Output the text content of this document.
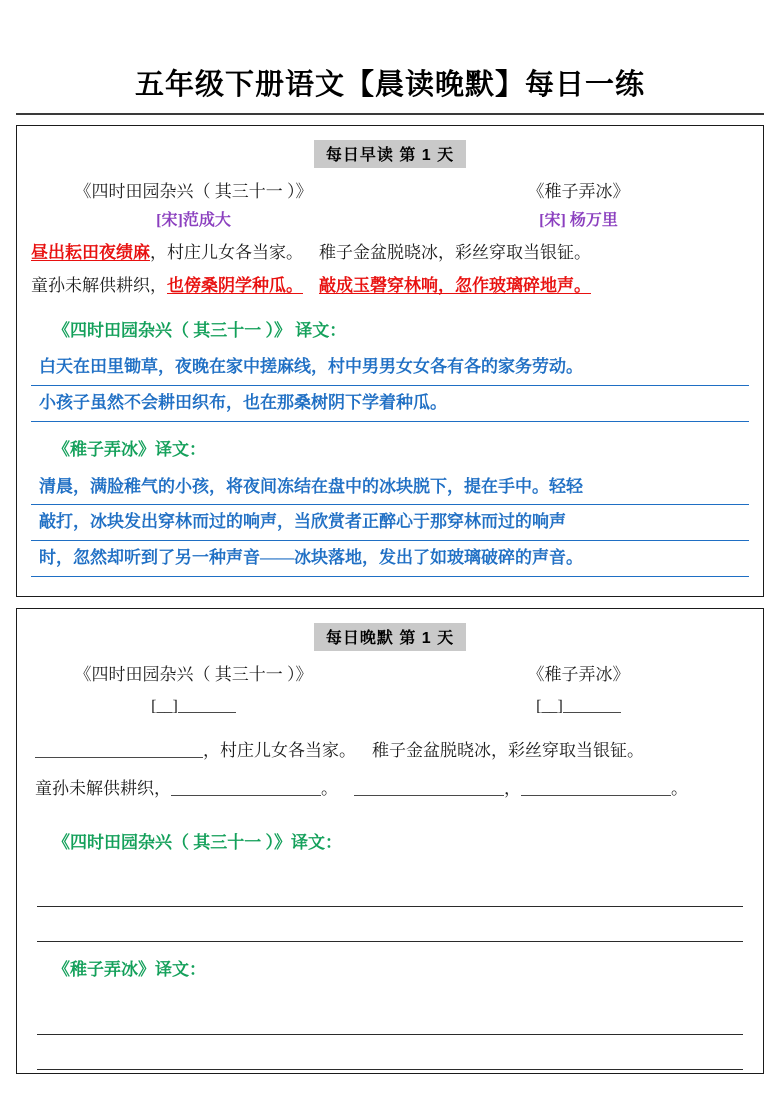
五年级下册语文【晨读晚默】每日一练
每日早读 第 1 天
《四时田园杂兴（ 其三十一 ）》
[宋]范成大
《稚子弄冰》
[宋] 杨万里
昼出耘田夜绩麻，村庄儿女各当家。 稚子金盆脱晓冰，彩丝穿取当银钲。
童孙未解供耕织，也傍桑阴学种瓜。 敲成玉磬穿林响，忽作玻璃碎地声。
《四时田园杂兴（ 其三十一 ）》 译文：
白天在田里锄草，夜晚在家中搓麻线，村中男男女女各有各的家务劳动。
小孩子虽然不会耕田织布，也在那桑树阴下学着种瓜。
《稚子弄冰》译文：
清晨，满脸稚气的小孩，将夜间冻结在盘中的冰块脱下，提在手中。轻轻
敲打，冰块发出穿林而过的响声，当欣赏者正醉心于那穿林而过的响声
时，忽然却听到了另一种声音——冰块落地，发出了如玻璃破碎的声音。
每日晚默 第 1 天
《四时田园杂兴（ 其三十一 ）》
[__]
《稚子弄冰》
[__]
，村庄儿女各当家。 稚子金盆脱晓冰，彩丝穿取当银钲。
童孙未解供耕织，	。	，	。
《四时田园杂兴（ 其三十一 ）》译文：
《稚子弄冰》译文：
